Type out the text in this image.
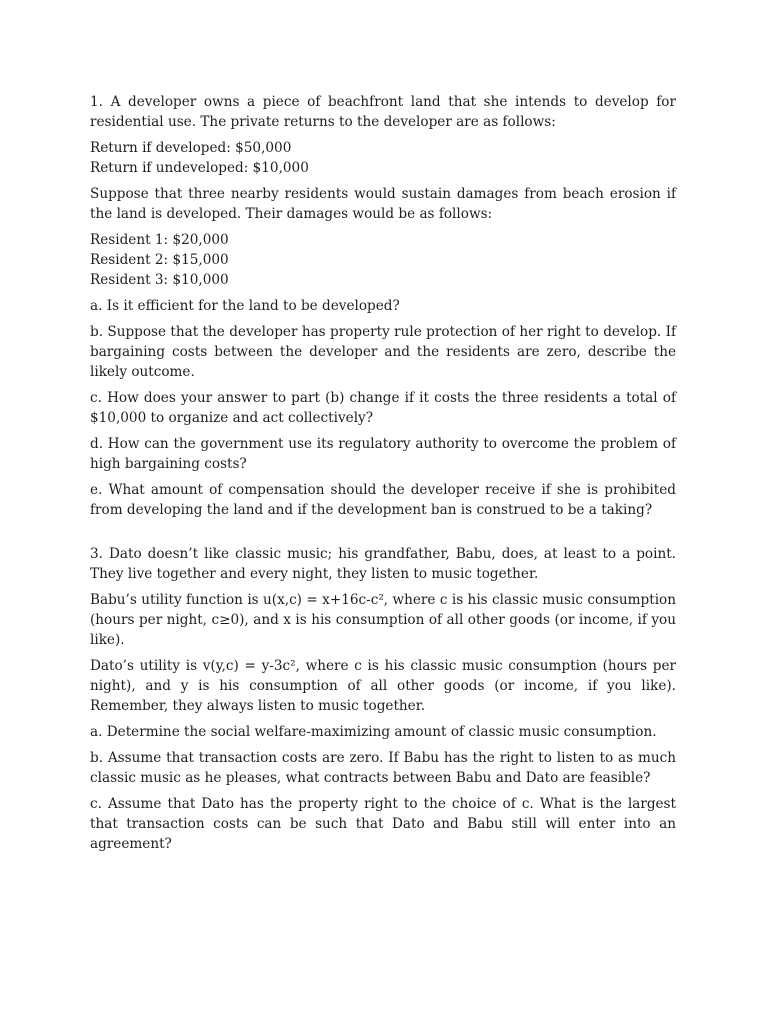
1. A developer owns a piece of beachfront land that she intends to develop for residential use. The private returns to the developer are as follows:

Return if developed: $50,000
Return if undeveloped: $10,000

Suppose that three nearby residents would sustain damages from beach erosion if the land is developed. Their damages would be as follows:

Resident 1: $20,000
Resident 2: $15,000
Resident 3: $10,000

a. Is it efficient for the land to be developed?

b. Suppose that the developer has property rule protection of her right to develop. If bargaining costs between the developer and the residents are zero, describe the likely outcome.

c. How does your answer to part (b) change if it costs the three residents a total of $10,000 to organize and act collectively?

d. How can the government use its regulatory authority to overcome the problem of high bargaining costs?

e. What amount of compensation should the developer receive if she is prohibited from developing the land and if the development ban is construed to be a taking?

3. Dato doesn’t like classic music; his grandfather, Babu, does, at least to a point. They live together and every night, they listen to music together.

Babu’s utility function is u(x,c) = x+16c-c², where c is his classic music consumption (hours per night, c≥0), and x is his consumption of all other goods (or income, if you like).

Dato’s utility is v(y,c) = y-3c², where c is his classic music consumption (hours per night), and y is his consumption of all other goods (or income, if you like). Remember, they always listen to music together.

a. Determine the social welfare-maximizing amount of classic music consumption.

b. Assume that transaction costs are zero. If Babu has the right to listen to as much classic music as he pleases, what contracts between Babu and Dato are feasible?

c. Assume that Dato has the property right to the choice of c. What is the largest that transaction costs can be such that Dato and Babu still will enter into an agreement?
